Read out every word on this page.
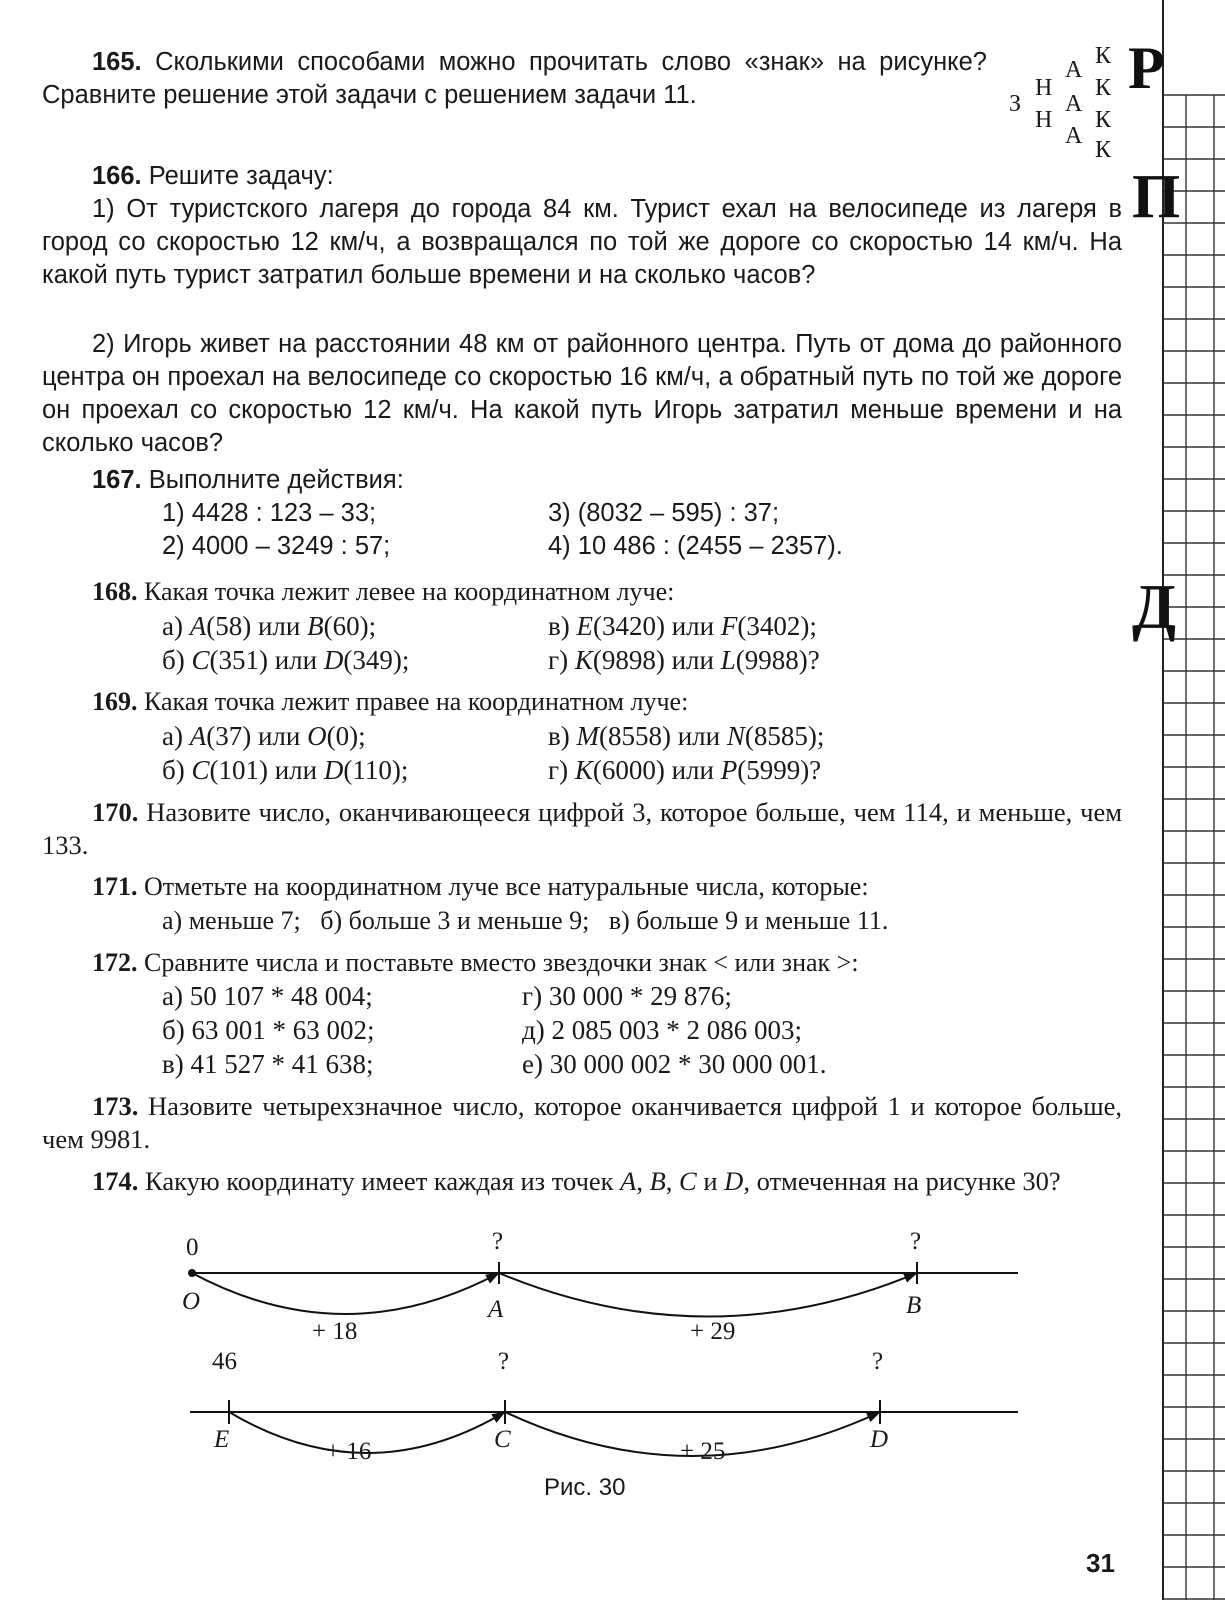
Р
П
Д
165. Сколькими способами можно прочитать слово «знак» на рисунке? Сравните решение этой задачи с решением задачи 11.	З
Н
Н
А
А
А
К
К
К
К
166. Решите задачу:
1) От туристского лагеря до города 84 км. Турист ехал на велосипеде из лагеря в город со скоростью 12 км/ч, а возвращался по той же дороге со скоростью 14 км/ч. На какой путь турист затратил больше времени и на сколько часов?
2) Игорь живет на расстоянии 48 км от районного центра. Путь от дома до районного центра он проехал на велосипеде со скоростью 16 км/ч, а обратный путь по той же дороге он проехал со скоростью 12 км/ч. На какой путь Игорь затратил меньше времени и на сколько часов?
167. Выполните действия:
1) 4428 : 123 – 33;	3) (8032 – 595) : 37;
2) 4000 – 3249 : 57;	4) 10 486 : (2455 – 2357).
168. Какая точка лежит левее на координатном луче:
а) A(58) или B(60);	в) E(3420) или F(3402);
б) C(351) или D(349);	г) K(9898) или L(9988)?
169. Какая точка лежит правее на координатном луче:
а) A(37) или O(0);	в) M(8558) или N(8585);
б) C(101) или D(110);	г) K(6000) или P(5999)?
170. Назовите число, оканчивающееся цифрой 3, которое больше, чем 114, и меньше, чем 133.
171. Отметьте на координатном луче все натуральные числа, которые:
а) меньше 7;   б) больше 3 и меньше 9;   в) больше 9 и меньше 11.
172. Сравните числа и поставьте вместо звездочки знак < или знак >:
а) 50 107 * 48 004;	г) 30 000 * 29 876;
б) 63 001 * 63 002;	д) 2 085 003 * 2 086 003;
в) 41 527 * 41 638;	е) 30 000 002 * 30 000 001.
173. Назовите четырехзначное число, которое оканчивается цифрой 1 и которое больше, чем 9981.
174. Какую координату имеет каждая из точек A, B, C и D, отмеченная на рисунке 30?
0	?	?
O	A	B
+ 18	+ 29
46	?	?
E	C	D
+ 16	+ 25
Рис. 30
31
